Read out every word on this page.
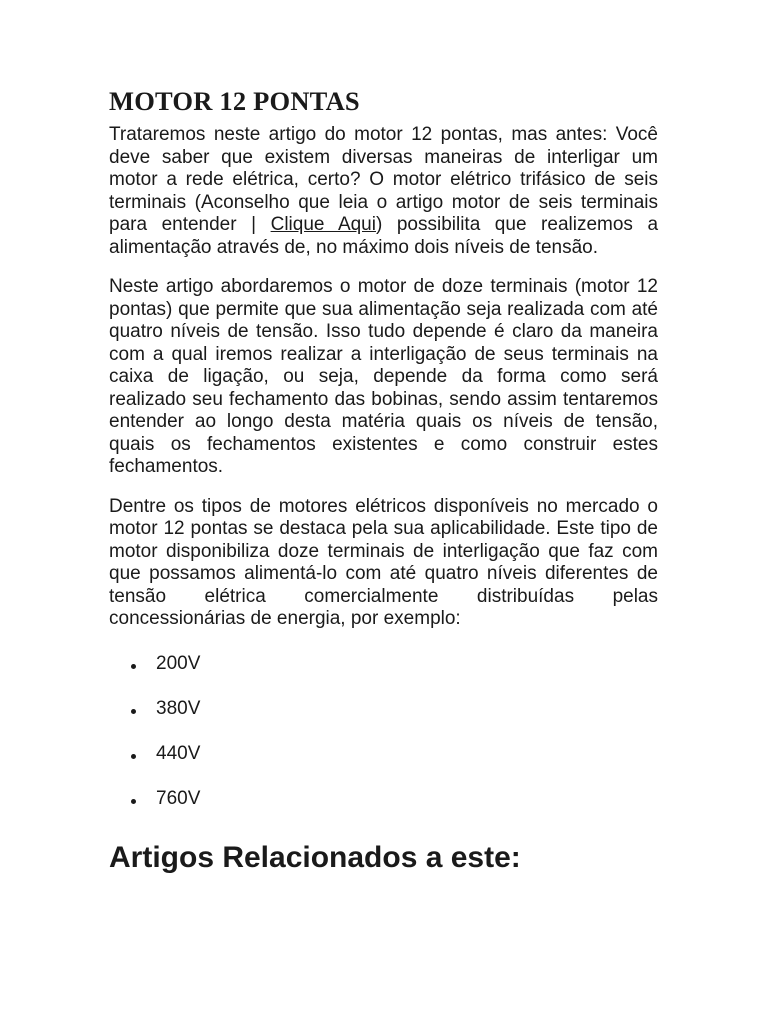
MOTOR 12 PONTAS

Trataremos neste artigo do motor 12 pontas, mas antes: Você deve saber que existem diversas maneiras de interligar um motor a rede elétrica, certo? O motor elétrico trifásico de seis terminais (Aconselho que leia o artigo motor de seis terminais para entender | Clique Aqui) possibilita que realizemos a alimentação através de, no máximo dois níveis de tensão.

Neste artigo abordaremos o motor de doze terminais (motor 12 pontas) que permite que sua alimentação seja realizada com até quatro níveis de tensão. Isso tudo depende é claro da maneira com a qual iremos realizar a interligação de seus terminais na caixa de ligação, ou seja, depende da forma como será realizado seu fechamento das bobinas, sendo assim tentaremos entender ao longo desta matéria quais os níveis de tensão, quais os fechamentos existentes e como construir estes fechamentos.

Dentre os tipos de motores elétricos disponíveis no mercado o motor 12 pontas se destaca pela sua aplicabilidade. Este tipo de motor disponibiliza doze terminais de interligação que faz com que possamos alimentá-lo com até quatro níveis diferentes de tensão elétrica comercialmente distribuídas pelas concessionárias de energia, por exemplo:

200V
380V
440V
760V
Artigos Relacionados a este:
